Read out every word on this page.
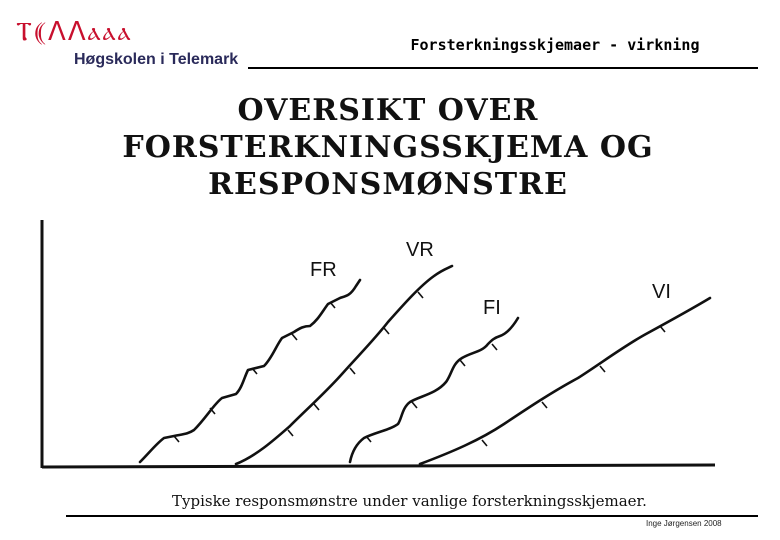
Ⲧ⸨ⴷⴷⲁⲁⲁ
Høgskolen i Telemark
Forsterkningsskjemaer - virkning
OVERSIKT OVER FORSTERKNINGSSKJEMA OG RESPONSMØNSTRE
FR
VR
FI
VI
Typiske responsmønstre under vanlige forsterkningsskjemaer.
Inge Jørgensen 2008
